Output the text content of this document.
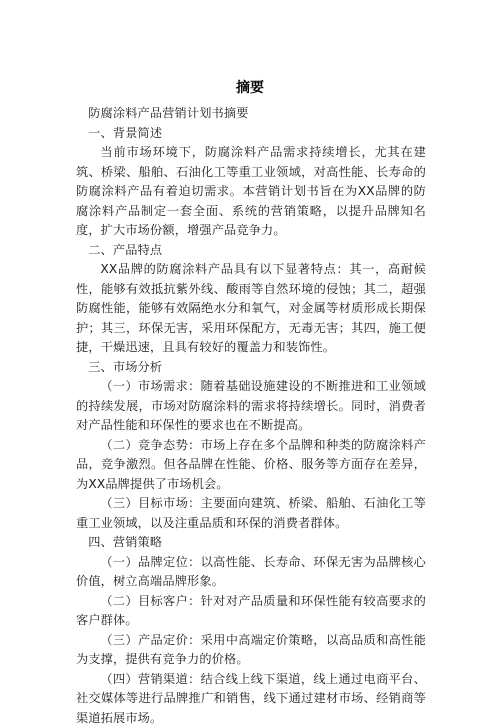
摘要

防腐涂料产品营销计划书摘要

一、背景简述

当前市场环境下，防腐涂料产品需求持续增长，尤其在建筑、桥梁、船舶、石油化工等重工业领域，对高性能、长寿命的防腐涂料产品有着迫切需求。本营销计划书旨在为XX品牌的防腐涂料产品制定一套全面、系统的营销策略，以提升品牌知名度，扩大市场份额，增强产品竞争力。

二、产品特点

XX品牌的防腐涂料产品具有以下显著特点：其一，高耐候性，能够有效抵抗紫外线、酸雨等自然环境的侵蚀；其二，超强防腐性能，能够有效隔绝水分和氧气，对金属等材质形成长期保护；其三，环保无害，采用环保配方，无毒无害；其四，施工便捷，干燥迅速，且具有较好的覆盖力和装饰性。

三、市场分析

（一）市场需求：随着基础设施建设的不断推进和工业领域的持续发展，市场对防腐涂料的需求将持续增长。同时，消费者对产品性能和环保性的要求也在不断提高。

（二）竞争态势：市场上存在多个品牌和种类的防腐涂料产品，竞争激烈。但各品牌在性能、价格、服务等方面存在差异，为XX品牌提供了市场机会。

（三）目标市场：主要面向建筑、桥梁、船舶、石油化工等重工业领域，以及注重品质和环保的消费者群体。

四、营销策略

（一）品牌定位：以高性能、长寿命、环保无害为品牌核心价值，树立高端品牌形象。

（二）目标客户：针对对产品质量和环保性能有较高要求的客户群体。

（三）产品定价：采用中高端定价策略，以高品质和高性能为支撑，提供有竞争力的价格。

（四）营销渠道：结合线上线下渠道，线上通过电商平台、社交媒体等进行品牌推广和销售，线下通过建材市场、经销商等渠道拓展市场。
